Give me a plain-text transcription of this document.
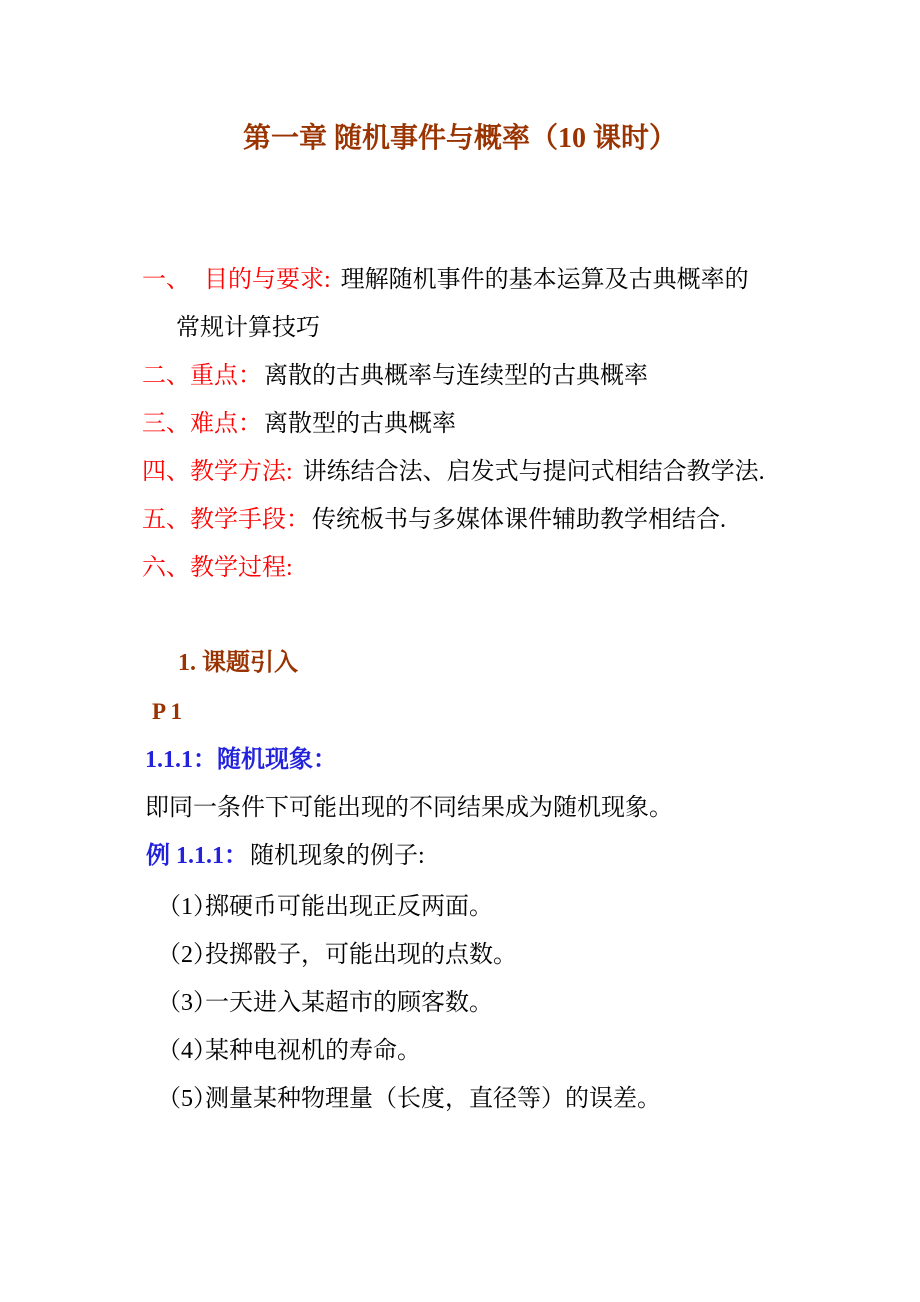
第一章 随机事件与概率（10 课时）
一、 目的与要求: 理解随机事件的基本运算及古典概率的
常规计算技巧
二、重点：离散的古典概率与连续型的古典概率
三、难点：离散型的古典概率
四、教学方法: 讲练结合法、启发式与提问式相结合教学法.
五、教学手段：传统板书与多媒体课件辅助教学相结合.
六、教学过程:
1. 课题引入
P 1
1.1.1：随机现象：
即同一条件下可能出现的不同结果成为随机现象。
例 1.1.1：随机现象的例子:
（1）掷硬币可能出现正反两面。
（2）投掷骰子，可能出现的点数。
（3）一天进入某超市的顾客数。
（4）某种电视机的寿命。
（5）测量某种物理量（长度，直径等）的误差。
